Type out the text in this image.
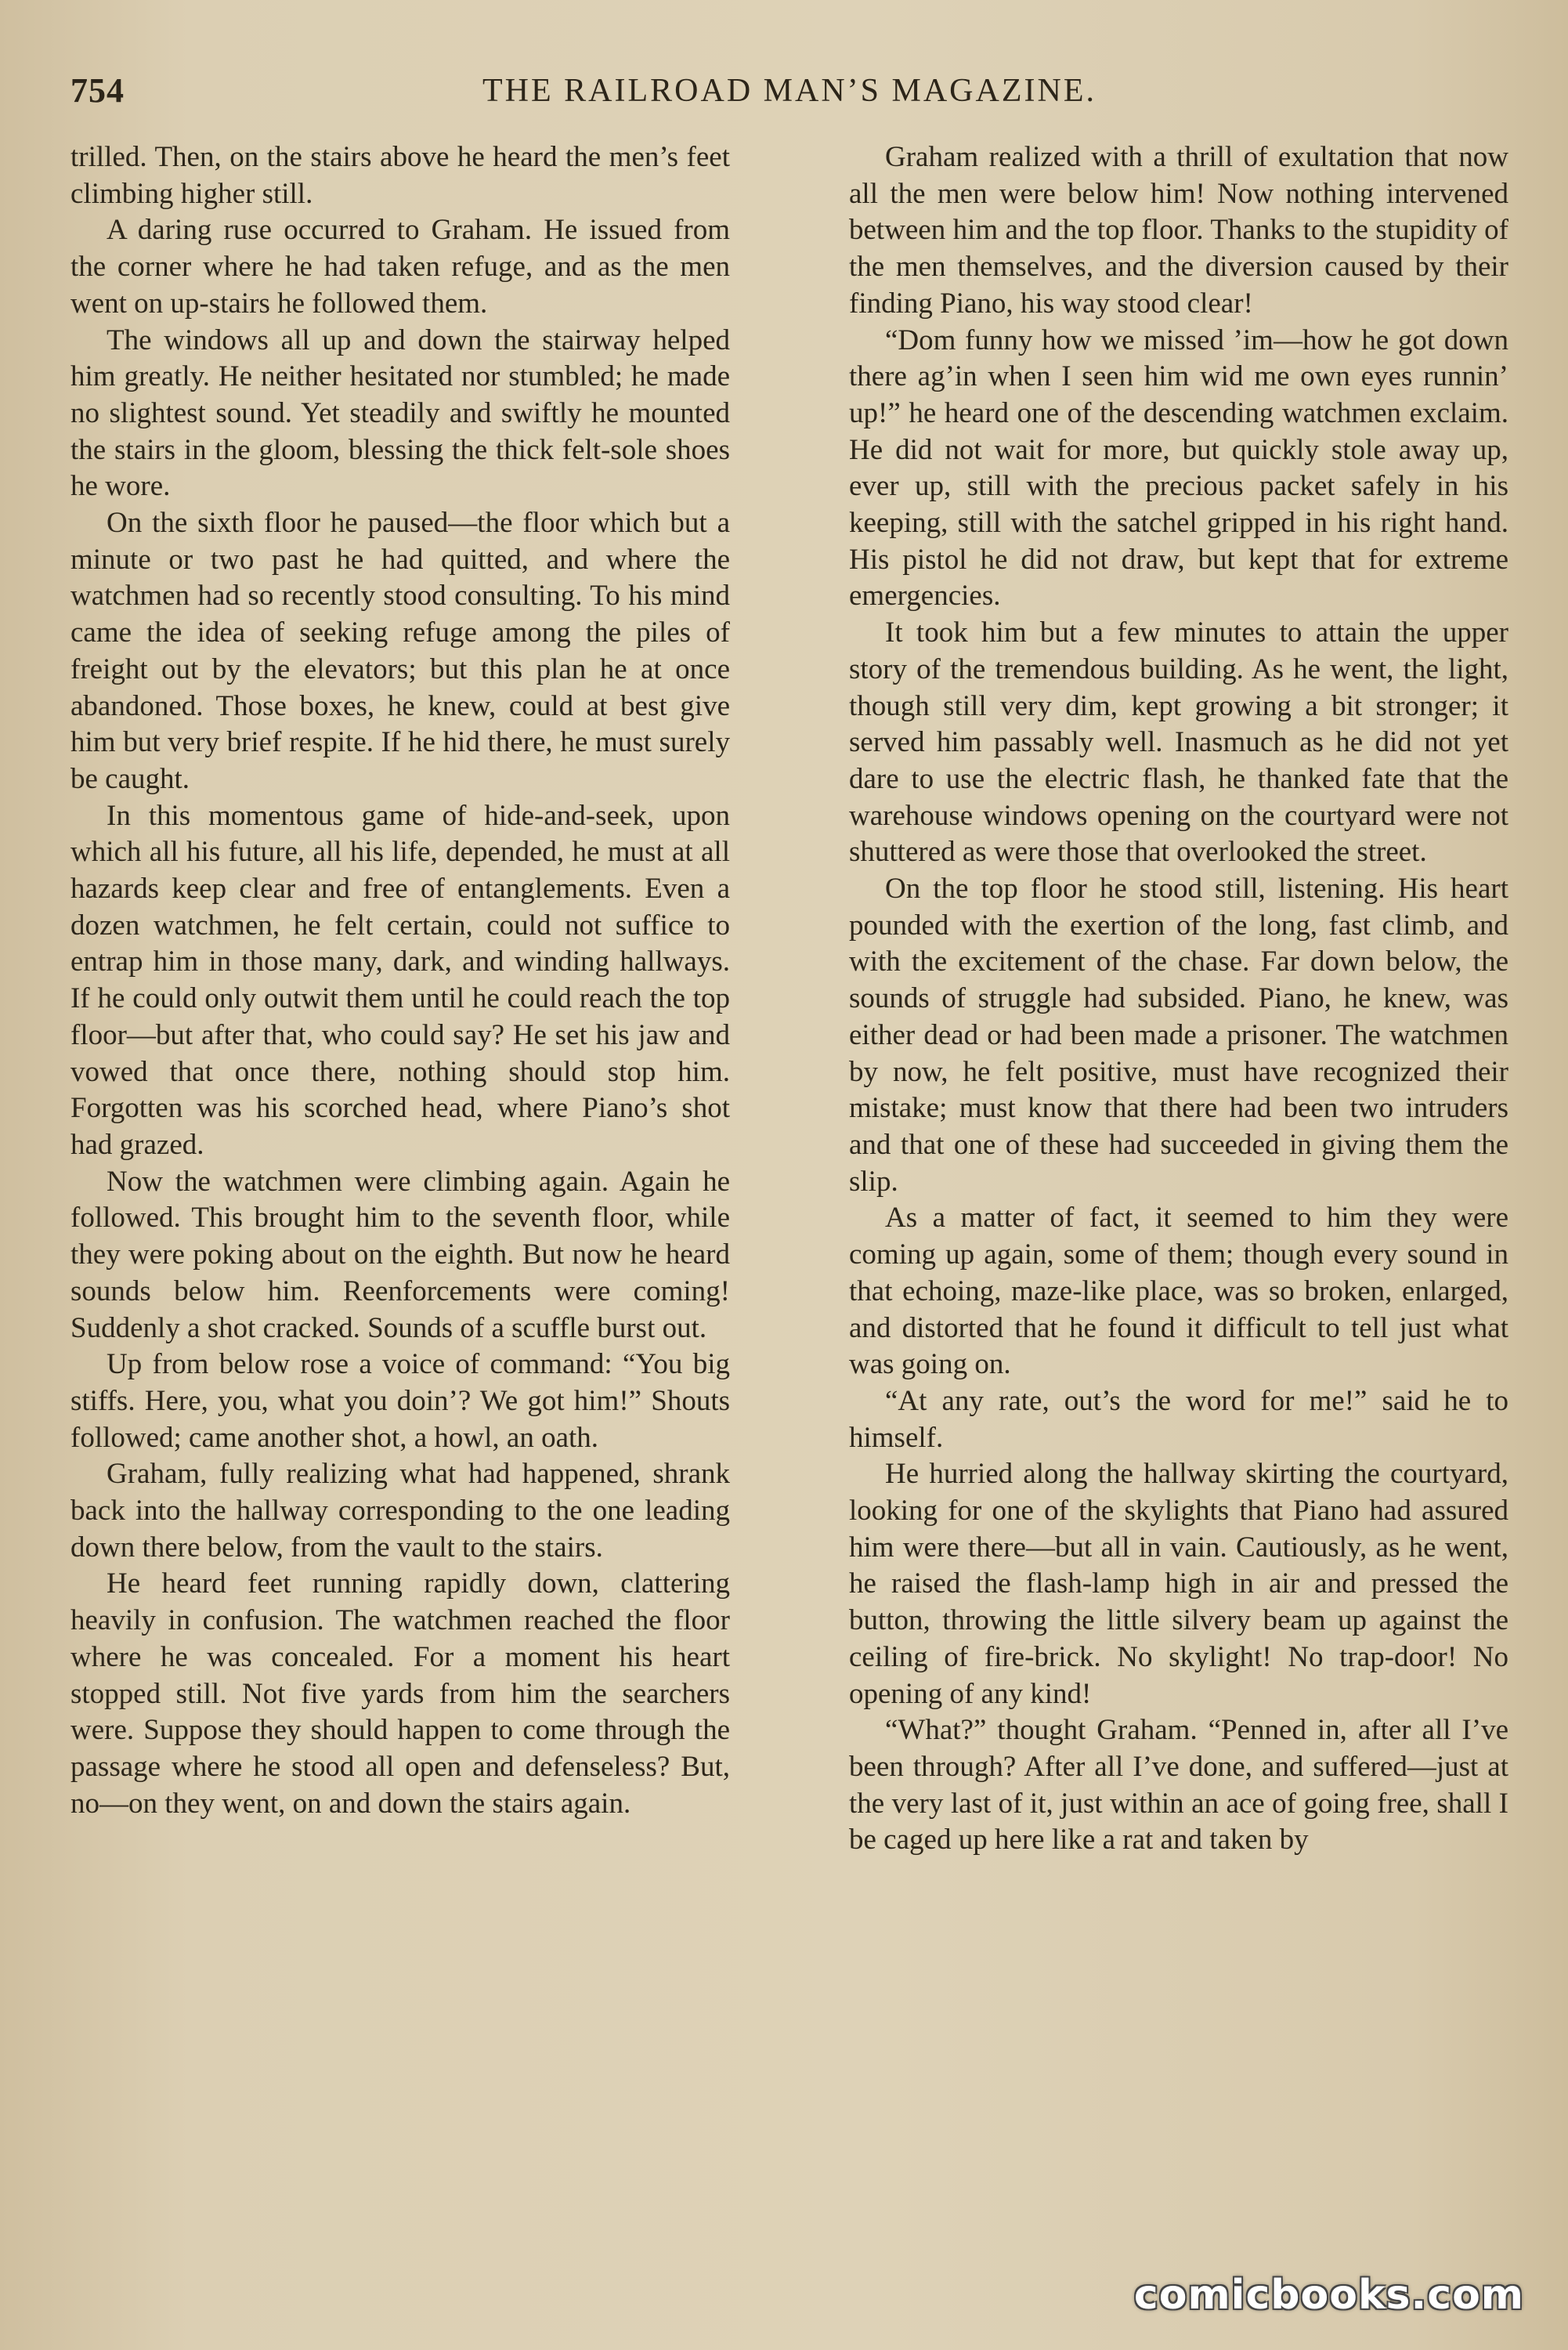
754	THE RAILROAD MAN’S MAGAZINE.

trilled. Then, on the stairs above he heard the men’s feet climbing higher still.

A daring ruse occurred to Graham. He issued from the corner where he had taken refuge, and as the men went on up-stairs he followed them.

The windows all up and down the stairway helped him greatly. He neither hesitated nor stumbled; he made no slightest sound. Yet steadily and swiftly he mounted the stairs in the gloom, blessing the thick felt-sole shoes he wore.

On the sixth floor he paused—the floor which but a minute or two past he had quitted, and where the watchmen had so recently stood consulting. To his mind came the idea of seeking refuge among the piles of freight out by the elevators; but this plan he at once abandoned. Those boxes, he knew, could at best give him but very brief respite. If he hid there, he must surely be caught.

In this momentous game of hide-and-seek, upon which all his future, all his life, depended, he must at all hazards keep clear and free of entanglements. Even a dozen watchmen, he felt certain, could not suffice to entrap him in those many, dark, and winding hallways. If he could only outwit them until he could reach the top floor—but after that, who could say? He set his jaw and vowed that once there, nothing should stop him. Forgotten was his scorched head, where Piano’s shot had grazed.

Now the watchmen were climbing again. Again he followed. This brought him to the seventh floor, while they were poking about on the eighth. But now he heard sounds below him. Reenforcements were coming! Suddenly a shot cracked. Sounds of a scuffle burst out.

Up from below rose a voice of command: “You big stiffs. Here, you, what you doin’? We got him!” Shouts followed; came another shot, a howl, an oath.

Graham, fully realizing what had happened, shrank back into the hallway corresponding to the one leading down there below, from the vault to the stairs.

He heard feet running rapidly down, clattering heavily in confusion. The watchmen reached the floor where he was concealed. For a moment his heart stopped still. Not five yards from him the searchers were. Suppose they should happen to come through the passage where he stood all open and defenseless? But, no—on they went, on and down the stairs again.

Graham realized with a thrill of exultation that now all the men were below him! Now nothing intervened between him and the top floor. Thanks to the stupidity of the men themselves, and the diversion caused by their finding Piano, his way stood clear!

“Dom funny how we missed ’im—how he got down there ag’in when I seen him wid me own eyes runnin’ up!” he heard one of the descending watchmen exclaim. He did not wait for more, but quickly stole away up, ever up, still with the precious packet safely in his keeping, still with the satchel gripped in his right hand. His pistol he did not draw, but kept that for extreme emergencies.

It took him but a few minutes to attain the upper story of the tremendous building. As he went, the light, though still very dim, kept growing a bit stronger; it served him passably well. Inasmuch as he did not yet dare to use the electric flash, he thanked fate that the warehouse windows opening on the courtyard were not shuttered as were those that overlooked the street.

On the top floor he stood still, listening. His heart pounded with the exertion of the long, fast climb, and with the excitement of the chase. Far down below, the sounds of struggle had subsided. Piano, he knew, was either dead or had been made a prisoner. The watchmen by now, he felt positive, must have recognized their mistake; must know that there had been two intruders and that one of these had succeeded in giving them the slip.

As a matter of fact, it seemed to him they were coming up again, some of them; though every sound in that echoing, maze-like place, was so broken, enlarged, and distorted that he found it difficult to tell just what was going on.

“At any rate, out’s the word for me!” said he to himself.

He hurried along the hallway skirting the courtyard, looking for one of the skylights that Piano had assured him were there—but all in vain. Cautiously, as he went, he raised the flash-lamp high in air and pressed the button, throwing the little silvery beam up against the ceiling of fire-brick. No skylight! No trap-door! No opening of any kind!

“What?” thought Graham. “Penned in, after all I’ve been through? After all I’ve done, and suffered—just at the very last of it, just within an ace of going free, shall I be caged up here like a rat and taken by

comicbooks.com
